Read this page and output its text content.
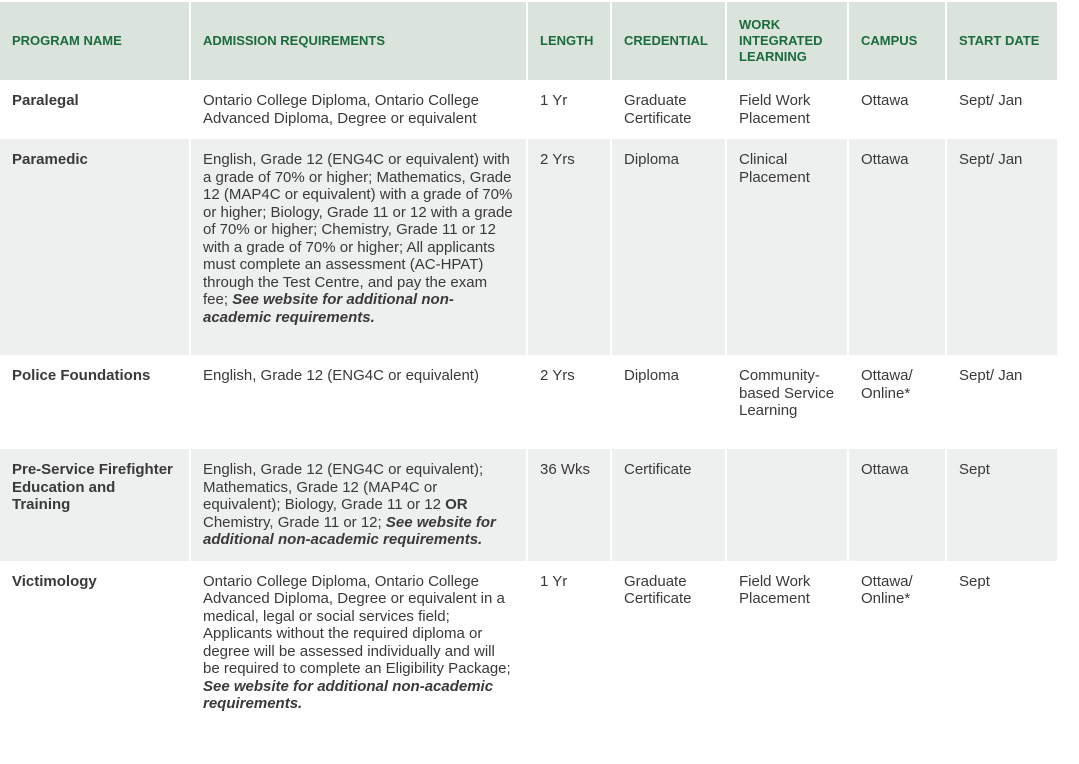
PROGRAM NAME	ADMISSION REQUIREMENTS	LENGTH	CREDENTIAL	WORK INTEGRATED LEARNING	CAMPUS	START DATE
Paralegal	Ontario College Diploma, Ontario College Advanced Diploma, Degree or equivalent	1 Yr	Graduate Certificate	Field Work Placement	Ottawa	Sept/ Jan
Paramedic	English, Grade 12 (ENG4C or equivalent) with a grade of 70% or higher; Mathematics, Grade 12 (MAP4C or equivalent) with a grade of 70% or higher; Biology, Grade 11 or 12 with a grade of 70% or higher; Chemistry, Grade 11 or 12 with a grade of 70% or higher; All applicants must complete an assessment (AC-HPAT) through the Test Centre, and pay the exam fee; See website for additional non-academic requirements.	2 Yrs	Diploma	Clinical Placement	Ottawa	Sept/ Jan
Police Foundations	English, Grade 12 (ENG4C or equivalent)	2 Yrs	Diploma	Community-based Service Learning	Ottawa/ Online*	Sept/ Jan
Pre-Service Firefighter Education and Training	English, Grade 12 (ENG4C or equivalent); Mathematics, Grade 12 (MAP4C or equivalent); Biology, Grade 11 or 12 OR Chemistry, Grade 11 or 12; See website for additional non-academic requirements.	36 Wks	Certificate		Ottawa	Sept
Victimology	Ontario College Diploma, Ontario College Advanced Diploma, Degree or equivalent in a medical, legal or social services field; Applicants without the required diploma or degree will be assessed individually and will be required to complete an Eligibility Package; See website for additional non-academic requirements.	1 Yr	Graduate Certificate	Field Work Placement	Ottawa/ Online*	Sept
